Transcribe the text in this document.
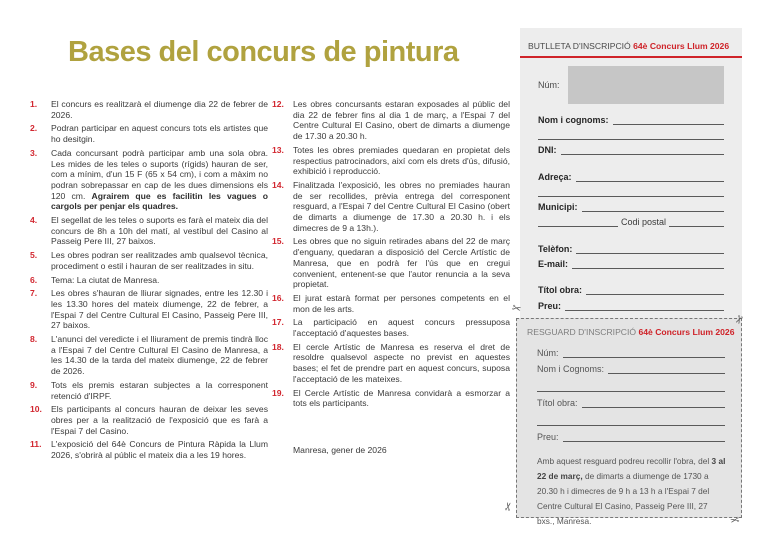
Bases del concurs de pintura
1.	El concurs es realitzarà el diumenge dia 22 de febrer de 2026.
2.	Podran participar en aquest concurs tots els artistes que ho desitgin.
3.	Cada concursant podrà participar amb una sola obra. Les mides de les teles o suports (rígids) hauran de ser, com a mínim, d'un 15 F (65 x 54 cm), i com a màxim no podran sobrepassar en cap de les dues dimensions els 120 cm. Agrairem que es facilitin les vagues o cargols per penjar els quadres.
4.	El segellat de les teles o suports es farà el mateix dia del concurs de 8h a 10h del matí, al vestíbul del Casino al Passeig Pere III, 27 baixos.
5.	Les obres podran ser realitzades amb qualsevol tècnica, procediment o estil i hauran de ser realitzades in situ.
6.	Tema: La ciutat de Manresa.
7.	Les obres s'hauran de lliurar signades, entre les 12.30 i les 13.30 hores del mateix diumenge, 22 de febrer, a l'Espai 7 del Centre Cultural El Casino, Passeig Pere III, 27 baixos.
8.	L'anunci del veredicte i el lliurament de premis tindrà lloc a l'Espai 7 del Centre Cultural El Casino de Manresa, a les 14.30 de la tarda del mateix diumenge, 22 de febrer de 2026.
9.	Tots els premis estaran subjectes a la corresponent retenció d'IRPF.
10.	Els participants al concurs hauran de deixar les seves obres per a la realització de l'exposició que es farà a l'Espai 7 del Casino.
11.	L'exposició del 64è Concurs de Pintura Ràpida la Llum 2026, s'obrirà al públic el mateix dia a les 19 hores.
12.	Les obres concursants estaran exposades al públic del dia 22 de febrer fins al dia 1 de març, a l'Espai 7 del Centre Cultural El Casino, obert de dimarts a diumenge de 17.30 a 20.30 h.
13.	Totes les obres premiades quedaran en propietat dels respectius patrocinadors, així com els drets d'ús, difusió, exhibició i reproducció.
14.	Finalitzada l'exposició, les obres no premiades hauran de ser recollides, prèvia entrega del corresponent resguard, a l'Espai 7 del Centre Cultural El Casino (obert de dimarts a diumenge de 17.30 a 20.30 h. i els dimecres de 9 a 13h.).
15.	Les obres que no siguin retirades abans del 22 de març d'enguany, quedaran a disposició del Cercle Artístic de Manresa, que en podrà fer l'ús que en cregui convenient, entenent-se que l'autor renuncia a la seva propietat.
16.	El jurat estarà format per persones competents en el mon de les arts.
17.	La participació en aquest concurs pressuposa l'acceptació d'aquestes bases.
18.	El cercle Artístic de Manresa es reserva el dret de resoldre qualsevol aspecte no previst en aquestes bases; el fet de prendre part en aquest concurs, suposa l'acceptació de les mateixes.
19.	El Cercle Artístic de Manresa convidarà a esmorzar a tots els participants.
Manresa, gener de 2026
BUTLLETA D'INSCRIPCIÓ 64è Concurs Llum 2026
Núm:
Nom i cognoms:
DNI:
Adreça:
Municipi:
Codi postal
Telèfon:
E-mail:
Títol obra:
Preu:
RESGUARD D'INSCRIPCIÓ 64è Concurs Llum 2026
Núm:
Nom i Cognoms:
Títol obra:
Preu:
Amb aquest resguard podreu recollir l'obra, del 3 al 22 de març, de dimarts a diumenge de 1730 a 20.30 h i dimecres de 9 h a 13 h a l'Espai 7 del Centre Cultural El Casino, Passeig Pere III, 27 bxs., Manresa.
✂
✂
✂
✂
